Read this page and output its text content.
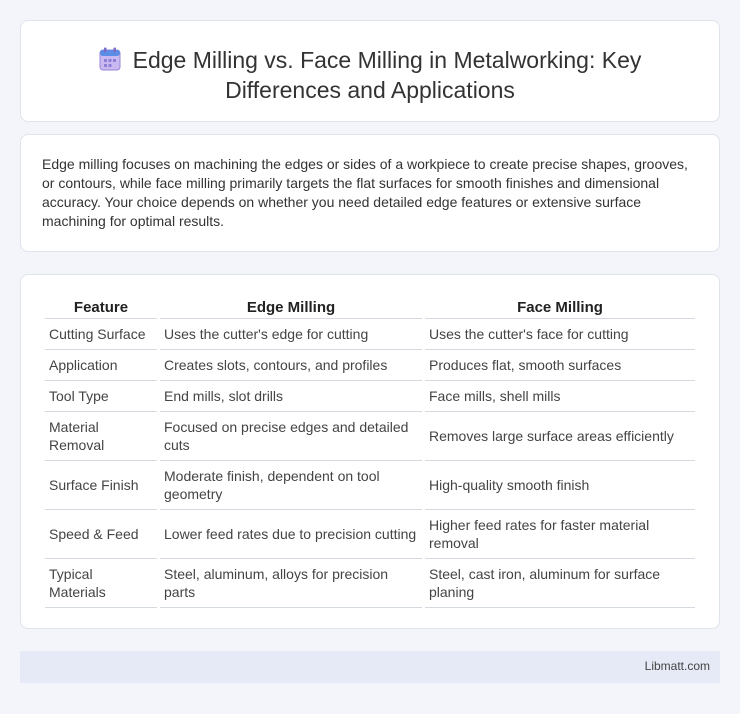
Edge Milling vs. Face Milling in Metalworking: Key Differences and Applications

Edge milling focuses on machining the edges or sides of a workpiece to create precise shapes, grooves, or contours, while face milling primarily targets the flat surfaces for smooth finishes and dimensional accuracy. Your choice depends on whether you need detailed edge features or extensive surface machining for optimal results.

Feature	Edge Milling	Face Milling
Cutting Surface	Uses the cutter's edge for cutting	Uses the cutter's face for cutting
Application	Creates slots, contours, and profiles	Produces flat, smooth surfaces
Tool Type	End mills, slot drills	Face mills, shell mills
Material Removal	Focused on precise edges and detailed cuts	Removes large surface areas efficiently
Surface Finish	Moderate finish, dependent on tool geometry	High-quality smooth finish
Speed & Feed	Lower feed rates due to precision cutting	Higher feed rates for faster material removal
Typical Materials	Steel, aluminum, alloys for precision parts	Steel, cast iron, aluminum for surface planing
Libmatt.com
